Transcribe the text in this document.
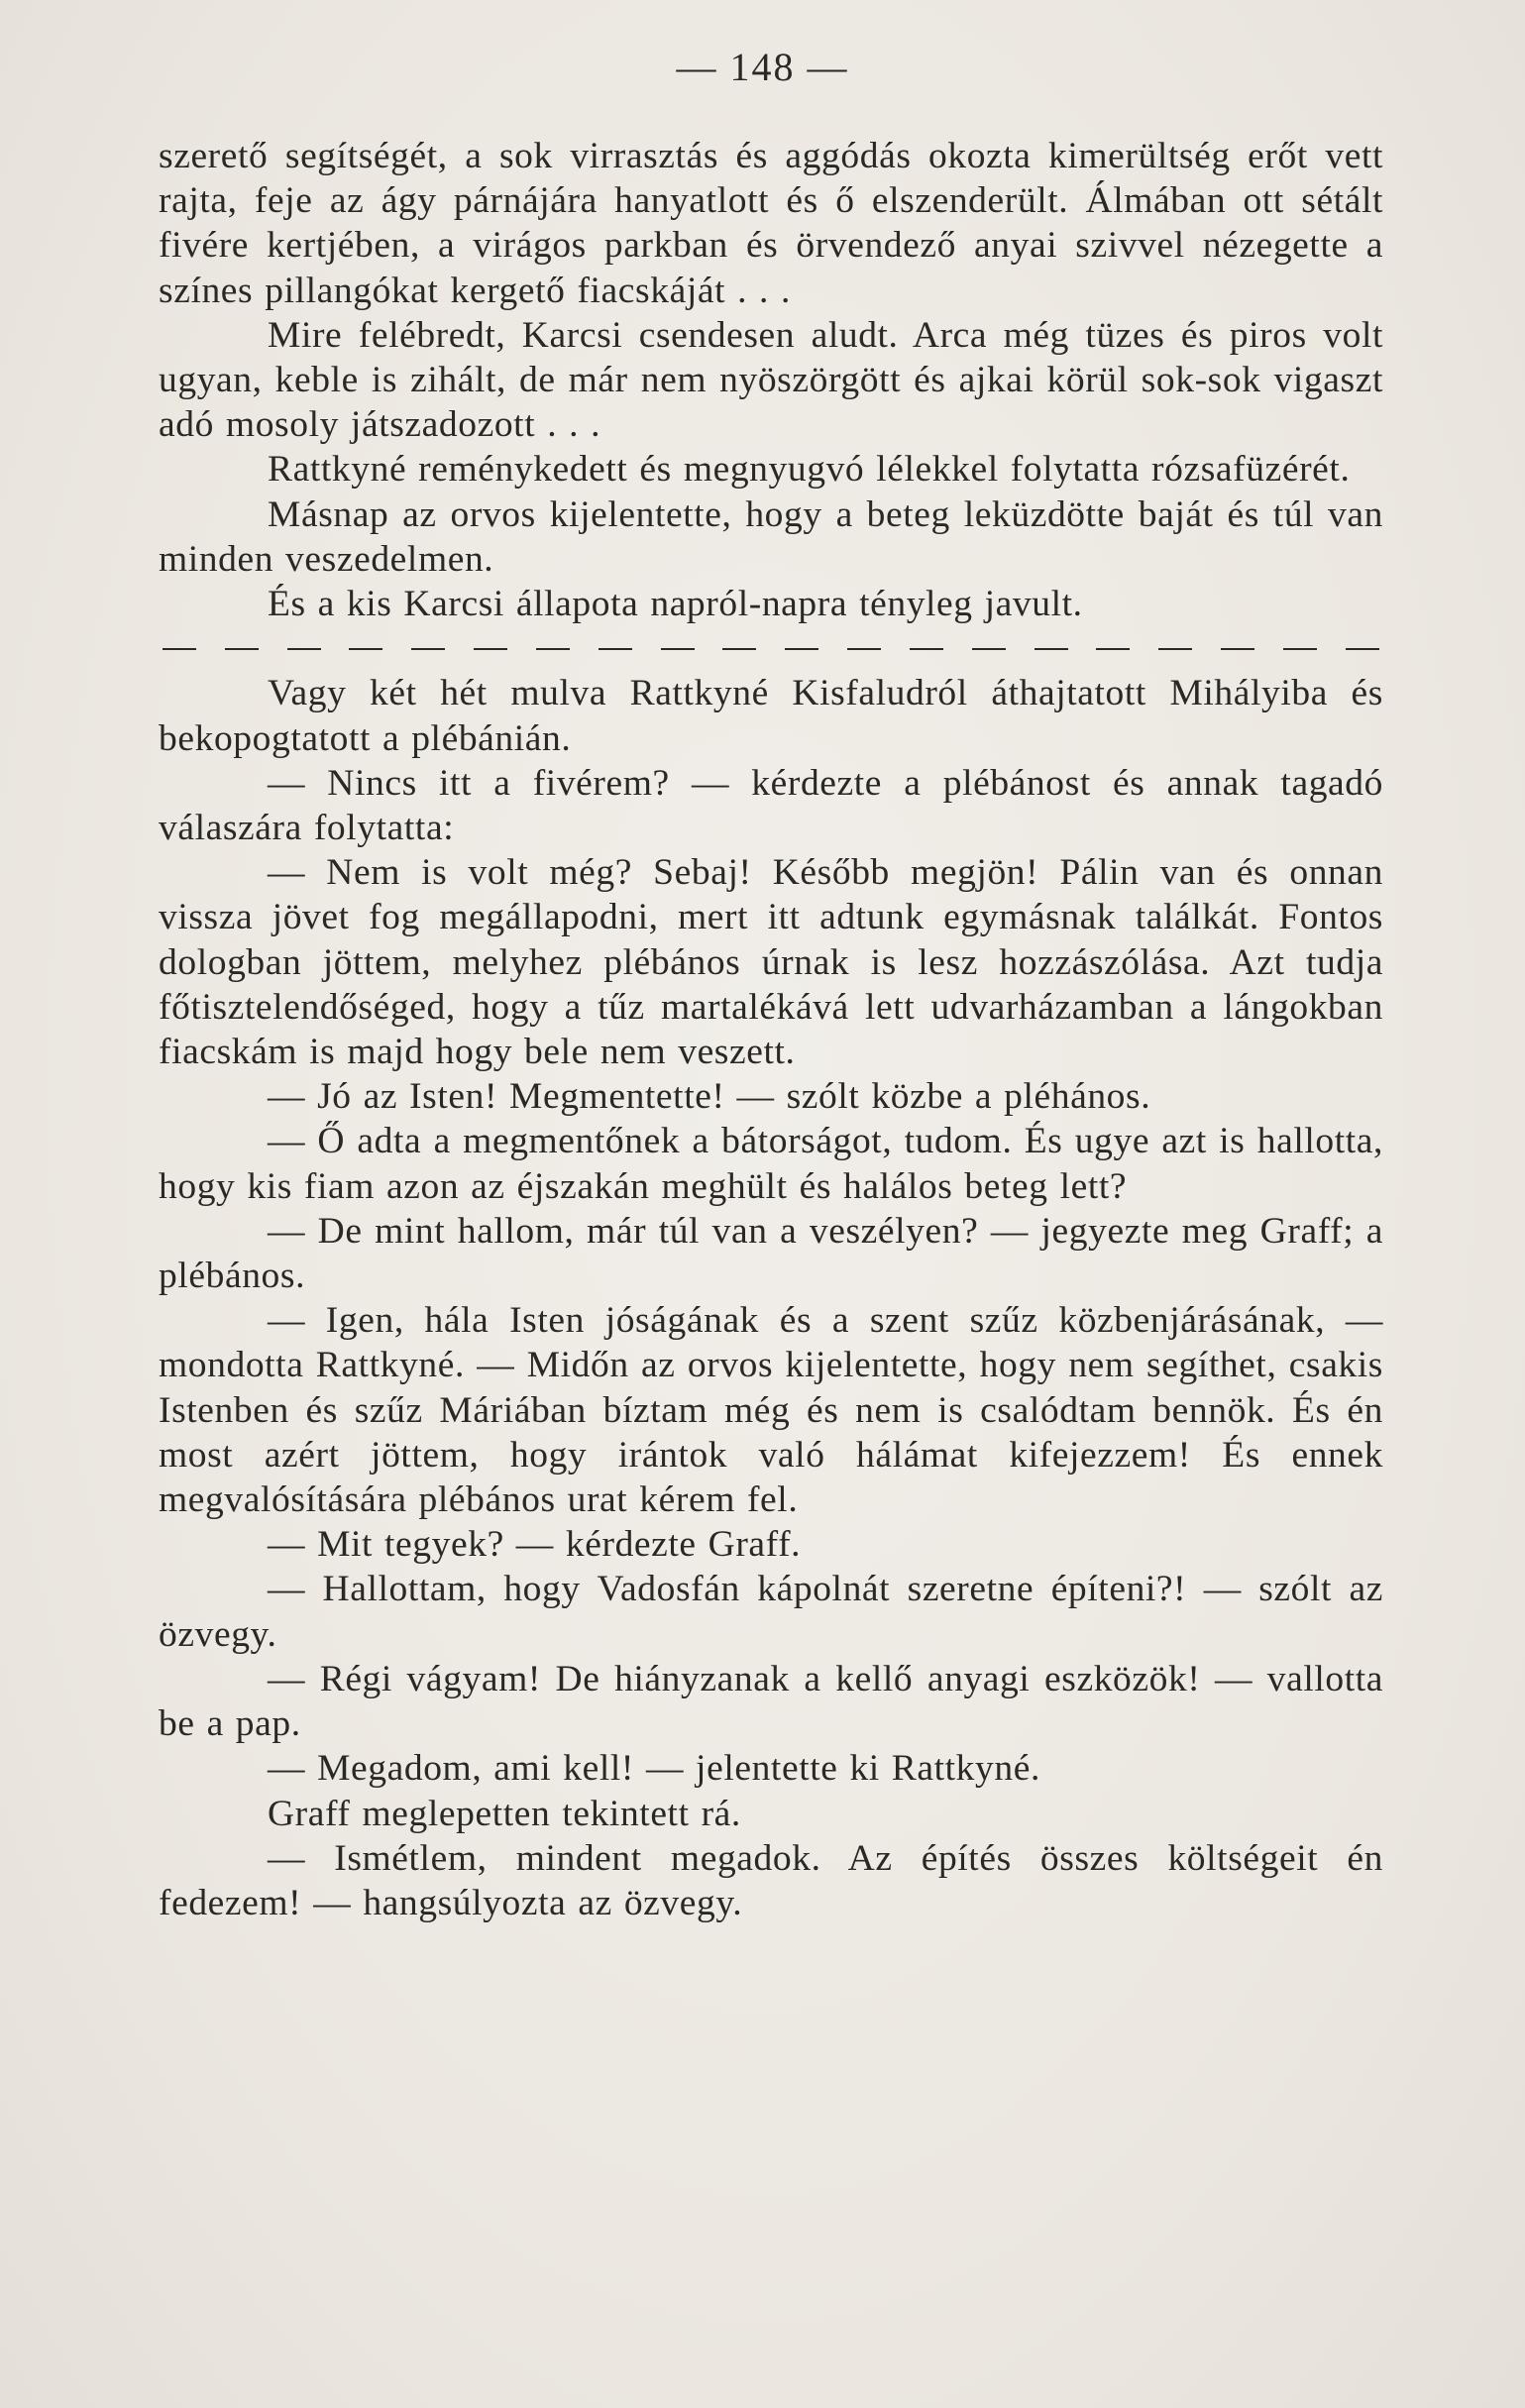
— 148 —

szerető segítségét, a sok virrasztás és aggódás okozta kimerültség erőt vett rajta, feje az ágy párnájára hanyatlott és ő elszenderült. Álmában ott sétált fivére kertjében, a virágos parkban és örvendező anyai szivvel nézegette a színes pillangókat kergető fiacskáját . . .

Mire felébredt, Karcsi csendesen aludt. Arca még tüzes és piros volt ugyan, keble is zihált, de már nem nyöszörgött és ajkai körül sok-sok vigaszt adó mosoly játszadozott . . .

Rattkyné reménykedett és megnyugvó lélekkel folytatta rózsafüzérét.

Másnap az orvos kijelentette, hogy a beteg leküzdötte baját és túl van minden veszedelmen.

És a kis Karcsi állapota napról-napra tényleg javult.

Vagy két hét mulva Rattkyné Kisfaludról áthajtatott Mihályiba és bekopogtatott a plébánián.

— Nincs itt a fivérem? — kérdezte a plébánost és annak tagadó válaszára folytatta:

— Nem is volt még? Sebaj! Később megjön! Pálin van és onnan vissza jövet fog megállapodni, mert itt adtunk egymásnak találkát. Fontos dologban jöttem, melyhez plébános úrnak is lesz hozzászólása. Azt tudja főtisztelendőséged, hogy a tűz martalékává lett udvarházamban a lángokban fiacskám is majd hogy bele nem veszett.

— Jó az Isten! Megmentette! — szólt közbe a pléhános.

— Ő adta a megmentőnek a bátorságot, tudom. És ugye azt is hallotta, hogy kis fiam azon az éjszakán meghült és halálos beteg lett?

— De mint hallom, már túl van a veszélyen? — jegyezte meg Graff; a plébános.

— Igen, hála Isten jóságának és a szent szűz közbenjárásának, — mondotta Rattkyné. — Midőn az orvos kijelentette, hogy nem segíthet, csakis Istenben és szűz Máriában bíztam még és nem is csalódtam bennök. És én most azért jöttem, hogy irántok való hálámat kifejezzem! És ennek megvalósítására plébános urat kérem fel.

— Mit tegyek? — kérdezte Graff.

— Hallottam, hogy Vadosfán kápolnát szeretne építeni?! — szólt az özvegy.

— Régi vágyam! De hiányzanak a kellő anyagi eszközök! — vallotta be a pap.

— Megadom, ami kell! — jelentette ki Rattkyné.

Graff meglepetten tekintett rá.

— Ismétlem, mindent megadok. Az építés összes költségeit én fedezem! — hangsúlyozta az özvegy.
